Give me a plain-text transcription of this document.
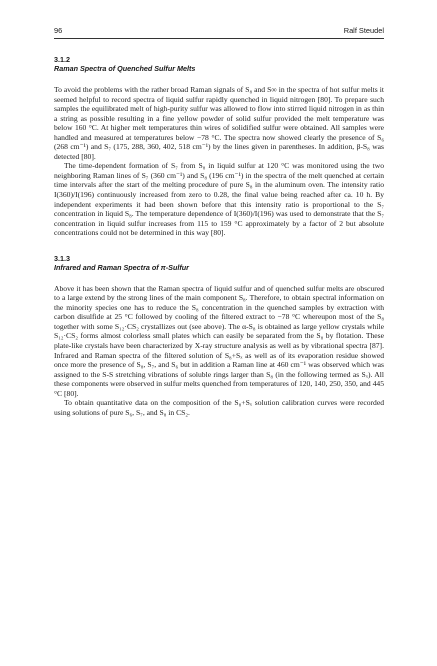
96	Ralf Steudel
3.1.2
Raman Spectra of Quenched Sulfur Melts

To avoid the problems with the rather broad Raman signals of S₈ and S∞ in the spectra of hot sulfur melts it seemed helpful to record spectra of liquid sulfur rapidly quenched in liquid nitrogen [80]. To prepare such samples the equilibrated melt of high-purity sulfur was allowed to flow into stirred liquid nitrogen in as thin a string as possible resulting in a fine yellow powder of solid sulfur provided the melt temperature was below 160 °C. At higher melt temperatures thin wires of solidified sulfur were obtained. All samples were handled and measured at temperatures below −78 °C. The spectra now showed clearly the presence of S₆ (268 cm⁻¹) and S₇ (175, 288, 360, 402, 518 cm⁻¹) by the lines given in parentheses. In addition, β-S₈ was detected [80].

The time-dependent formation of S₇ from S₈ in liquid sulfur at 120 °C was monitored using the two neighboring Raman lines of S₇ (360 cm⁻¹) and S₈ (196 cm⁻¹) in the spectra of the melt quenched at certain time intervals after the start of the melting procedure of pure S₈ in the aluminum oven. The intensity ratio I(360)/I(196) continuously increased from zero to 0.28, the final value being reached after ca. 10 h. By independent experiments it had been shown before that this intensity ratio is proportional to the S₇ concentration in liquid S₈. The temperature dependence of I(360)/I(196) was used to demonstrate that the S₇ concentration in liquid sulfur increases from 115 to 159 °C approximately by a factor of 2 but absolute concentrations could not be determined in this way [80].

3.1.3
Infrared and Raman Spectra of π-Sulfur

Above it has been shown that the Raman spectra of liquid sulfur and of quenched sulfur melts are obscured to a large extend by the strong lines of the main component S₈. Therefore, to obtain spectral information on the minority species one has to reduce the S₈ concentration in the quenched samples by extraction with carbon disulfide at 25 °C followed by cooling of the filtered extract to −78 °C whereupon most of the S₈ together with some S₁₂·CS₂ crystallizes out (see above). The α-S₈ is obtained as large yellow crystals while S₁₂·CS₂ forms almost colorless small plates which can easily be separated from the S₈ by flotation. These plate-like crystals have been characterized by X-ray structure analysis as well as by vibrational spectra [87]. Infrared and Raman spectra of the filtered solution of S₈+Sₓ as well as of its evaporation residue showed once more the presence of S₈, S₇, and S₆ but in addition a Raman line at 460 cm⁻¹ was observed which was assigned to the S-S stretching vibrations of soluble rings larger than S₈ (in the following termed as Sₓ). All these components were observed in sulfur melts quenched from temperatures of 120, 140, 250, 350, and 445 °C [80].

To obtain quantitative data on the composition of the S₈+Sₓ solution calibration curves were recorded using solutions of pure S₆, S₇, and S₈ in CS₂.
